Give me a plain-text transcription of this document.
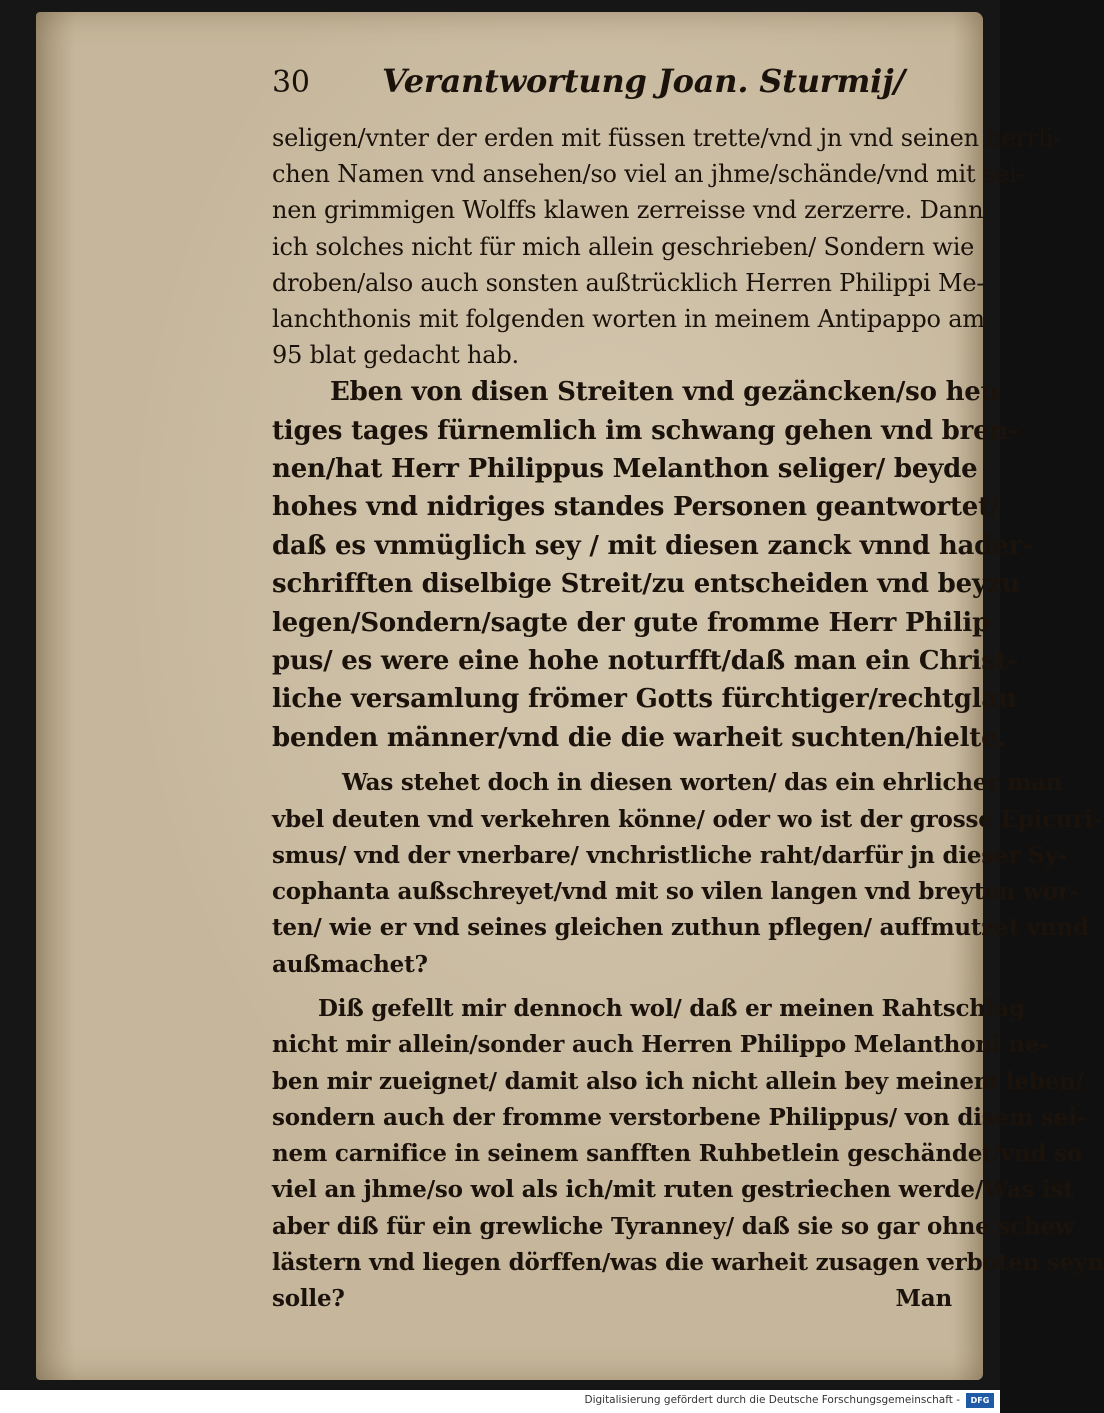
30	Verantwortung Joan. Sturmij/
seligen/vnter der erden mit füssen trette/vnd jn vnd seinen herrli-
chen Namen vnd ansehen/so viel an jhme/schände/vnd mit sei-
nen grimmigen Wolffs klawen zerreisse vnd zerzerre. Dann
ich solches nicht für mich allein geschrieben/ Sondern wie
droben/also auch sonsten außtrücklich Herren Philippi Me-
lanchthonis mit folgenden worten in meinem Antipappo am
95 blat gedacht hab.
Eben von disen Streiten vnd gezäncken/so heu
tiges tages fürnemlich im schwang gehen vnd bren-
nen/hat Herr Philippus Melanthon seliger/ beyde
hohes vnd nidriges standes Personen geantwortet/
daß es vnmüglich sey / mit diesen zanck vnnd hader-
schrifften diselbige Streit/zu entscheiden vnd beyzu
legen/Sondern/sagte der gute fromme Herr Philip
pus/ es were eine hohe noturfft/daß man ein Christ-
liche versamlung frömer Gotts fürchtiger/rechtglau
benden männer/vnd die die warheit suchten/hielte.
Was stehet doch in diesen worten/ das ein ehrlicher man
vbel deuten vnd verkehren könne/ oder wo ist der grosse Epicuri-
smus/ vnd der vnerbare/ vnchristliche raht/darfür jn dieser Sy-
cophanta außschreyet/vnd mit so vilen langen vnd breyten wor-
ten/ wie er vnd seines gleichen zuthun pflegen/ auffmutzet vnnd
außmachet?
Diß gefellt mir dennoch wol/ daß er meinen Rahtschlag
nicht mir allein/sonder auch Herren Philippo Melanthoni ne-
ben mir zueignet/ damit also ich nicht allein bey meinem leben/
sondern auch der fromme verstorbene Philippus/ von disem sei-
nem carnifice in seinem sanfften Ruhbetlein geschändet/vnd so
viel an jhme/so wol als ich/mit ruten gestriechen werde/Was ist
aber diß für ein grewliche Tyranney/ daß sie so gar ohne schew
lästern vnd liegen dörffen/was die warheit zusagen verboten seyn
solle?	Man
Digitalisierung gefördert durch die Deutsche Forschungsgemeinschaft -	DFG
